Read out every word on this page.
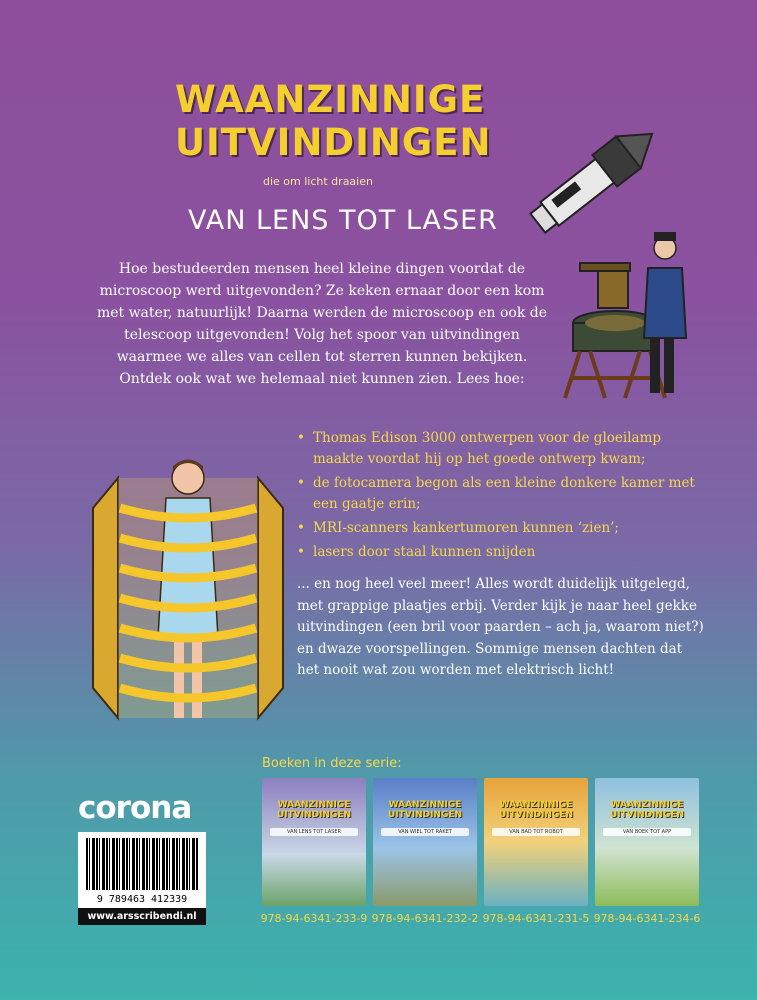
WAANZINNIGE
UITVINDINGEN
die om licht draaien
VAN LENS TOT LASER
Hoe bestudeerden mensen heel kleine dingen voordat de microscoop werd uitgevonden? Ze keken ernaar door een kom met water, natuurlijk! Daarna werden de microscoop en ook de telescoop uitgevonden! Volg het spoor van uitvindingen waarmee we alles van cellen tot sterren kunnen bekijken. Ontdek ook wat we helemaal niet kunnen zien. Lees hoe:
• Thomas Edison 3000 ontwerpen voor de gloeilamp maakte voordat hij op het goede ontwerp kwam;
• de fotocamera begon als een kleine donkere kamer met een gaatje erin;
• MRI-scanners kankertumoren kunnen ‘zien’;
• lasers door staal kunnen snijden
... en nog heel veel meer! Alles wordt duidelijk uitgelegd, met grappige plaatjes erbij. Verder kijk je naar heel gekke uitvindingen (een bril voor paarden – ach ja, waarom niet?) en dwaze voorspellingen. Sommige mensen dachten dat het nooit wat zou worden met elektrisch licht!
corona
9 789463 412339
www.arsscribendi.nl
Boeken in deze serie:
WAANZINNIGE
UITVINDINGEN
VAN LENS TOT LASER
WAANZINNIGE
UITVINDINGEN
VAN WIEL TOT RAKET
WAANZINNIGE
UITVINDINGEN
VAN BAD TOT ROBOT
WAANZINNIGE
UITVINDINGEN
VAN BOEK TOT APP
978-94-6341-233-9 978-94-6341-232-2 978-94-6341-231-5 978-94-6341-234-6
